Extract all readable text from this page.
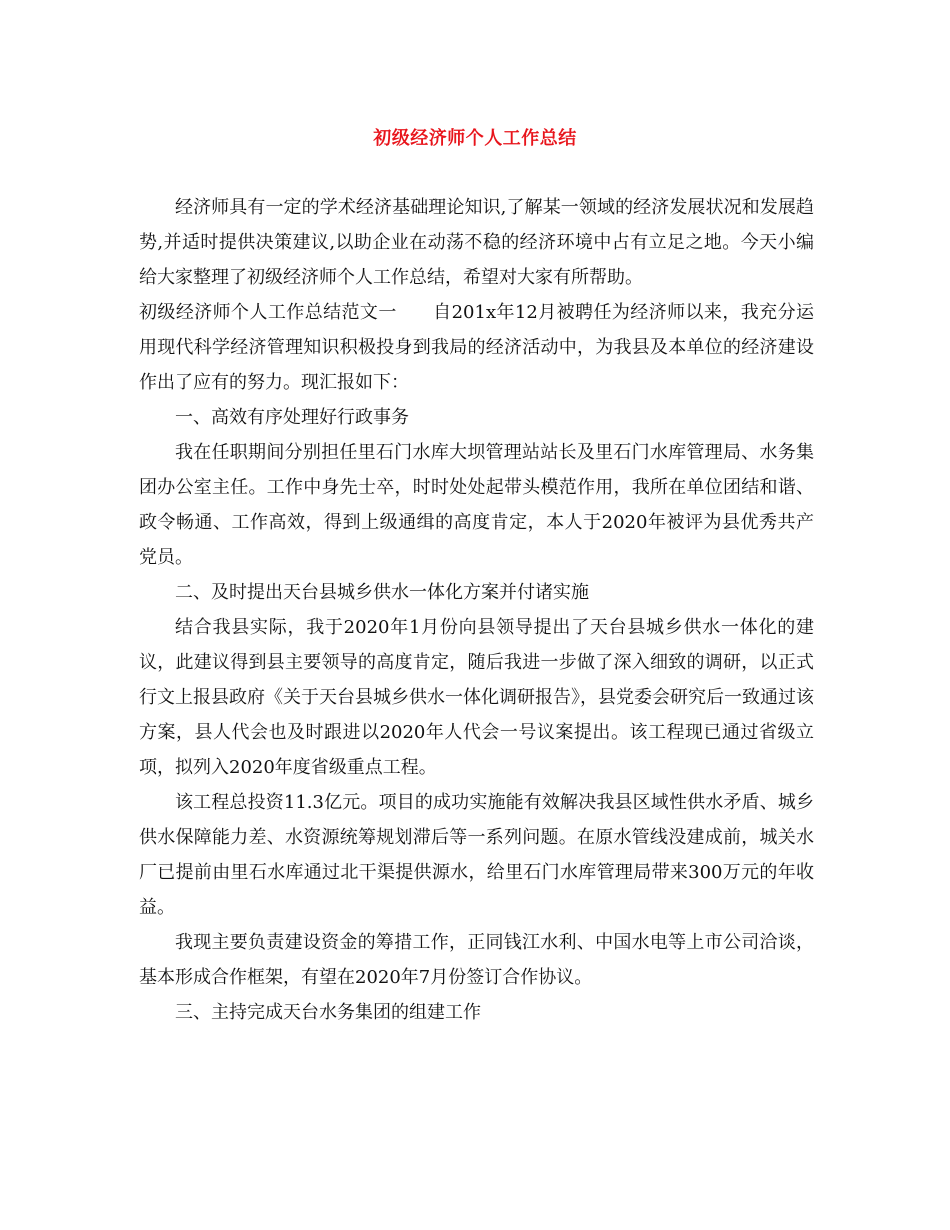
初级经济师个人工作总结

经济师具有一定的学术经济基础理论知识,了解某一领域的经济发展状况和发展趋势,并适时提供决策建议,以助企业在动荡不稳的经济环境中占有立足之地。今天小编给大家整理了初级经济师个人工作总结，希望对大家有所帮助。

初级经济师个人工作总结范文一 自201x年12月被聘任为经济师以来，我充分运用现代科学经济管理知识积极投身到我局的经济活动中，为我县及本单位的经济建设作出了应有的努力。现汇报如下：

一、高效有序处理好行政事务

我在任职期间分别担任里石门水库大坝管理站站长及里石门水库管理局、水务集团办公室主任。工作中身先士卒，时时处处起带头模范作用，我所在单位团结和谐、政令畅通、工作高效，得到上级通缉的高度肯定，本人于2020年被评为县优秀共产党员。

二、及时提出天台县城乡供水一体化方案并付诸实施

结合我县实际，我于2020年1月份向县领导提出了天台县城乡供水一体化的建议，此建议得到县主要领导的高度肯定，随后我进一步做了深入细致的调研，以正式行文上报县政府《关于天台县城乡供水一体化调研报告》，县党委会研究后一致通过该方案，县人代会也及时跟进以2020年人代会一号议案提出。该工程现已通过省级立项，拟列入2020年度省级重点工程。

该工程总投资11.3亿元。项目的成功实施能有效解决我县区域性供水矛盾、城乡供水保障能力差、水资源统筹规划滞后等一系列问题。在原水管线没建成前，城关水厂已提前由里石水库通过北干渠提供源水，给里石门水库管理局带来300万元的年收益。

我现主要负责建设资金的筹措工作，正同钱江水利、中国水电等上市公司洽谈，基本形成合作框架，有望在2020年7月份签订合作协议。

三、主持完成天台水务集团的组建工作
